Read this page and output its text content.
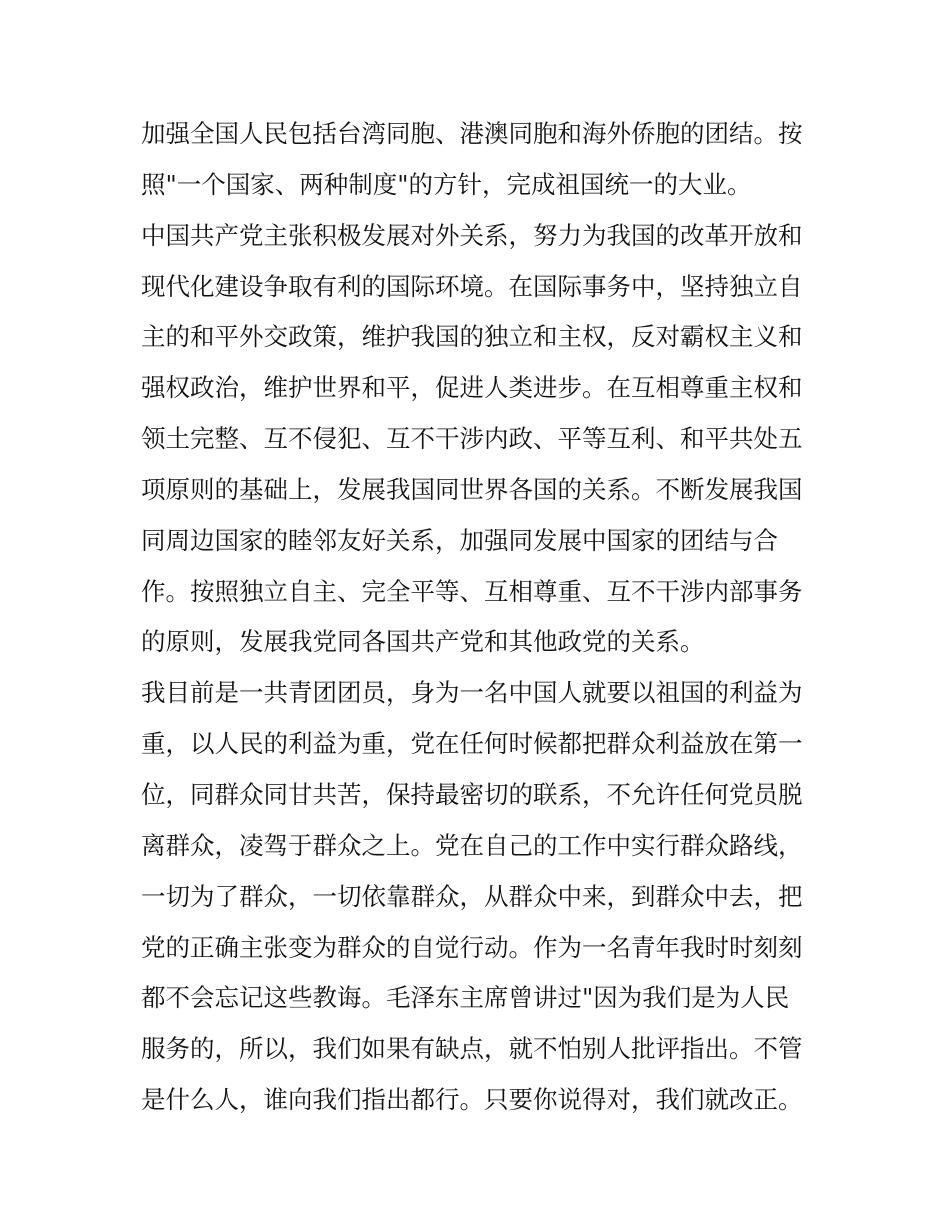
加强全国人民包括台湾同胞、港澳同胞和海外侨胞的团结。按
照"一个国家、两种制度"的方针，完成祖国统一的大业。
中国共产党主张积极发展对外关系，努力为我国的改革开放和
现代化建设争取有利的国际环境。在国际事务中，坚持独立自
主的和平外交政策，维护我国的独立和主权，反对霸权主义和
强权政治，维护世界和平，促进人类进步。在互相尊重主权和
领土完整、互不侵犯、互不干涉内政、平等互利、和平共处五
项原则的基础上，发展我国同世界各国的关系。不断发展我国
同周边国家的睦邻友好关系，加强同发展中国家的团结与合
作。按照独立自主、完全平等、互相尊重、互不干涉内部事务
的原则，发展我党同各国共产党和其他政党的关系。
我目前是一共青团团员，身为一名中国人就要以祖国的利益为
重，以人民的利益为重，党在任何时候都把群众利益放在第一
位，同群众同甘共苦，保持最密切的联系，不允许任何党员脱
离群众，凌驾于群众之上。党在自己的工作中实行群众路线，
一切为了群众，一切依靠群众，从群众中来，到群众中去，把
党的正确主张变为群众的自觉行动。作为一名青年我时时刻刻
都不会忘记这些教诲。毛泽东主席曾讲过"因为我们是为人民
服务的，所以，我们如果有缺点，就不怕别人批评指出。不管
是什么人，谁向我们指出都行。只要你说得对，我们就改正。
